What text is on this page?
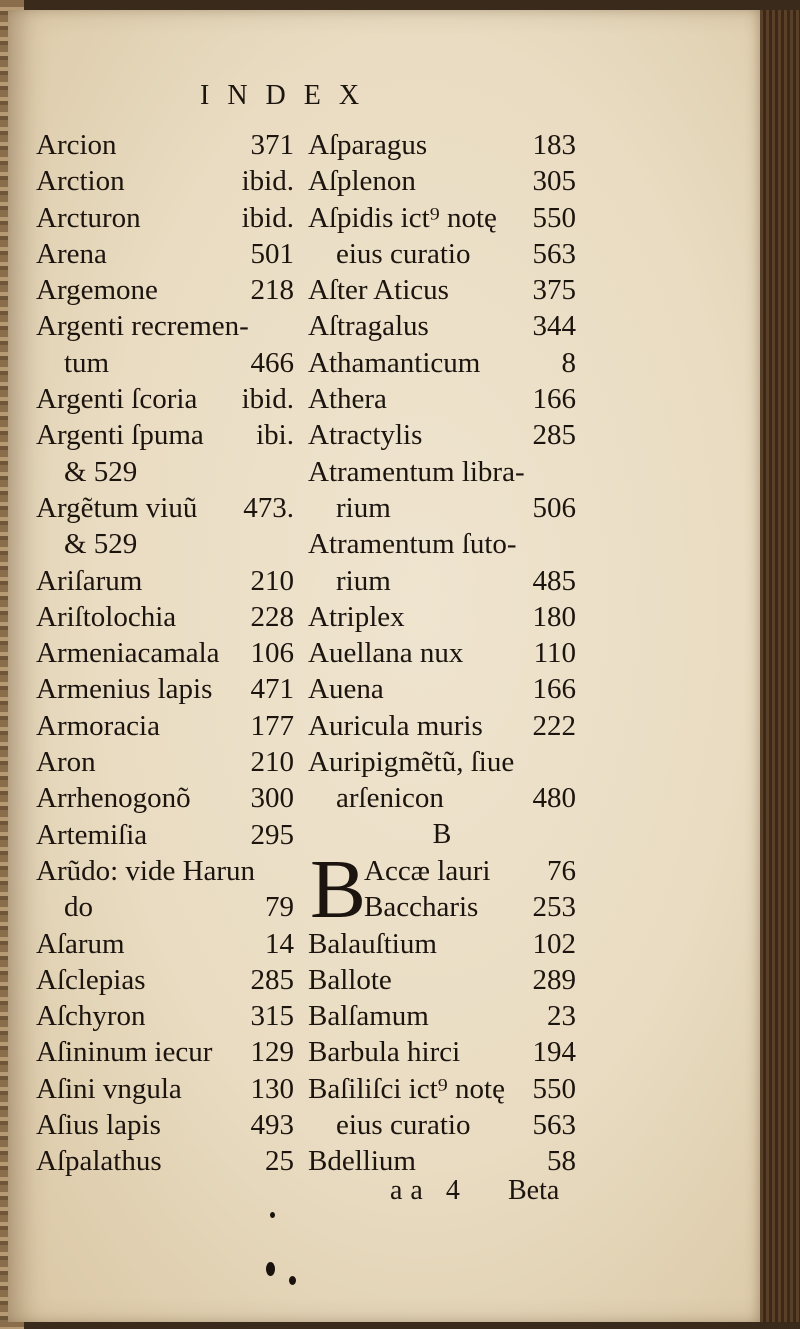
INDEX
Arcion	371
Arction	ibid.
Arcturon	ibid.
Arena	501
Argemone	218
Argenti recremen-
tum	466
Argenti ſcoria ibid.
Argenti ſpuma ibi.
& 529
Argẽtum viuũ 473.
& 529
Ariſarum	210
Ariſtolochia	228
Armeniacamala 106
Armenius lapis 471
Armoracia	177
Aron	210
Arrhenogonõ 300
Artemiſia	295
Arũdo: vide Harun
do	79
Aſarum	14
Aſclepias	285
Aſchyron	315
Aſininum iecur 129
Aſini vngula 130
Aſius lapis	493
Aſpalathus	25
Aſparagus	183
Aſplenon	305
Aſpidis ict⁹ notę 550
eius curatio 563
Aſter Aticus	375
Aſtragalus	344
Athamanticum	8
Athera	166
Atractylis	285
Atramentum libra-
rium	506
Atramentum ſuto-
rium	485
Atriplex	180
Auellana nux 110
Auena	166
Auricula muris 222
Auripigmẽtũ, ſiue
arſenicon	480
B
B
Accæ lauri 76
Baccharis 253
Balauſtium	102
Ballote	289
Balſamum	23
Barbula hirci 194
Baſiliſci ict⁹ notę 550
eius curatio 563
Bdellium	58
aa 4 Beta
